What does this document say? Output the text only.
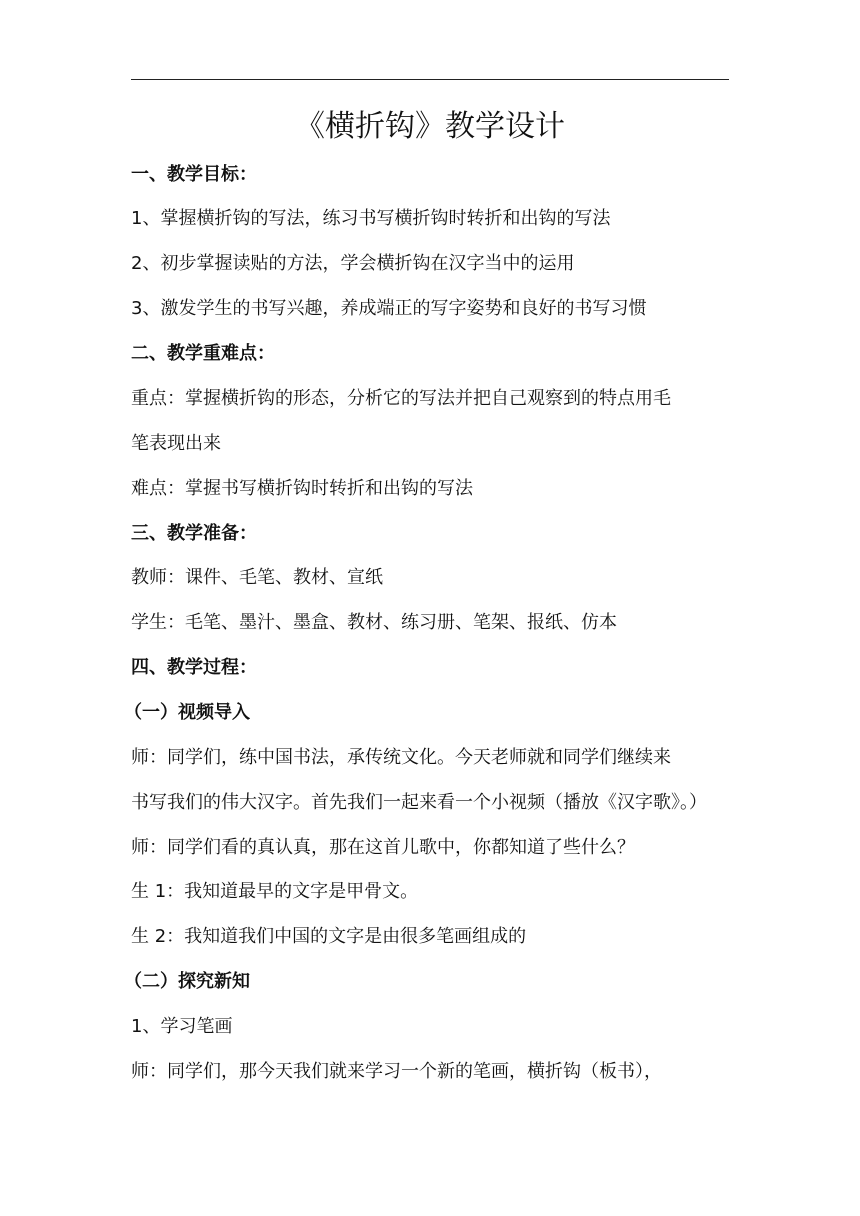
《横折钩》教学设计
一、教学目标：
1、掌握横折钩的写法，练习书写横折钩时转折和出钩的写法
2、初步掌握读贴的方法，学会横折钩在汉字当中的运用
3、激发学生的书写兴趣，养成端正的写字姿势和良好的书写习惯
二、教学重难点：
重点：掌握横折钩的形态，分析它的写法并把自己观察到的特点用毛
笔表现出来
难点：掌握书写横折钩时转折和出钩的写法
三、教学准备：
教师：课件、毛笔、教材、宣纸
学生：毛笔、墨汁、墨盒、教材、练习册、笔架、报纸、仿本
四、教学过程：
（一）视频导入
师：同学们，练中国书法，承传统文化。今天老师就和同学们继续来
书写我们的伟大汉字。首先我们一起来看一个小视频（播放《汉字歌》。）
师：同学们看的真认真，那在这首儿歌中，你都知道了些什么？
生 1：我知道最早的文字是甲骨文。
生 2：我知道我们中国的文字是由很多笔画组成的
（二）探究新知
1、学习笔画
师：同学们，那今天我们就来学习一个新的笔画，横折钩（板书），
